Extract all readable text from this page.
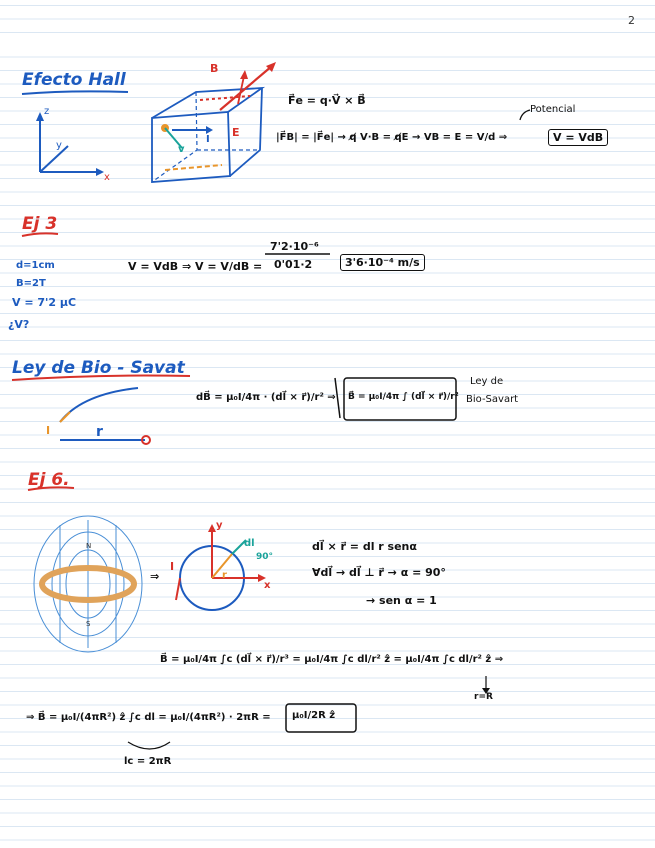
2
Efecto Hall
z
y
x
B
E
I
v
F⃗e = q·V⃗ × B⃗
|F⃗B| = |F⃗e| → q̸ V·B = q̸E → VB = E = V/d ⇒
Potencial
V = VdB
Ej 3
d=1cm
B=2T
V = 7'2 μC
¿V?
V = VdB ⇒ V = V/dB =
7'2·10⁻⁶
0'01·2	3'6·10⁻⁴ m/s
Ley de Bio - Savat
I	r
dB⃗ = μ₀I/4π · (dl⃗ × r⃗)/r² ⇒ B⃗ = μ₀I/4π ∫ (dl⃗ × r⃗)/r²
Ley de
Bio-Savart
Ej 6.
N
S
⇒
y
x
dl
90°
I
r
dl⃗ × r⃗ = dl r senα
∀dl⃗ → dl⃗ ⊥ r⃗ → α = 90°
→ sen α = 1
B⃗ = μ₀I/4π ∫c (dl⃗ × r⃗)/r³ = μ₀I/4π ∫c dl/r² ẑ = μ₀I/4π ∫c dl/r² ẑ ⇒
r=R
⇒ B⃗ = μ₀I/(4πR²) ẑ ∫c dl = μ₀I/(4πR²) · 2πR = μ₀I/2R ẑ
lc = 2πR
